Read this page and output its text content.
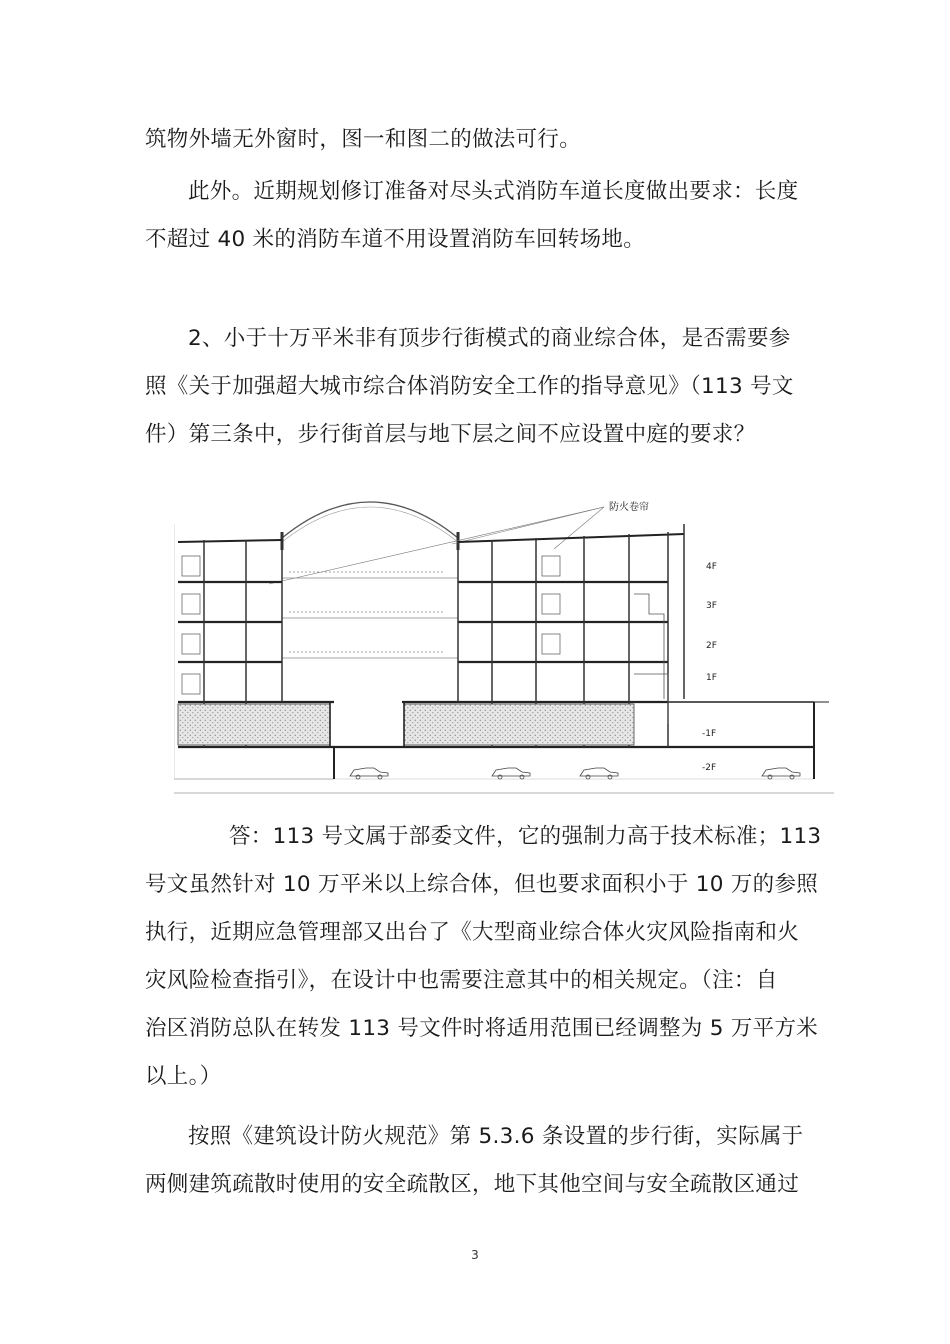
筑物外墙无外窗时，图一和图二的做法可行。

此外。近期规划修订准备对尽头式消防车道长度做出要求：长度
不超过 40 米的消防车道不用设置消防车回转场地。

2、小于十万平米非有顶步行街模式的商业综合体，是否需要参
照《关于加强超大城市综合体消防安全工作的指导意见》（113 号文
件）第三条中，步行街首层与地下层之间不应设置中庭的要求？

防火卷帘
4F
3F
2F
1F
-1F
-2F

答：113 号文属于部委文件，它的强制力高于技术标准；113
号文虽然针对 10 万平米以上综合体，但也要求面积小于 10 万的参照
执行，近期应急管理部又出台了《大型商业综合体火灾风险指南和火
灾风险检查指引》，在设计中也需要注意其中的相关规定。（注：自
治区消防总队在转发 113 号文件时将适用范围已经调整为 5 万平方米
以上。）

按照《建筑设计防火规范》第 5.3.6 条设置的步行街，实际属于
两侧建筑疏散时使用的安全疏散区，地下其他空间与安全疏散区通过

3
